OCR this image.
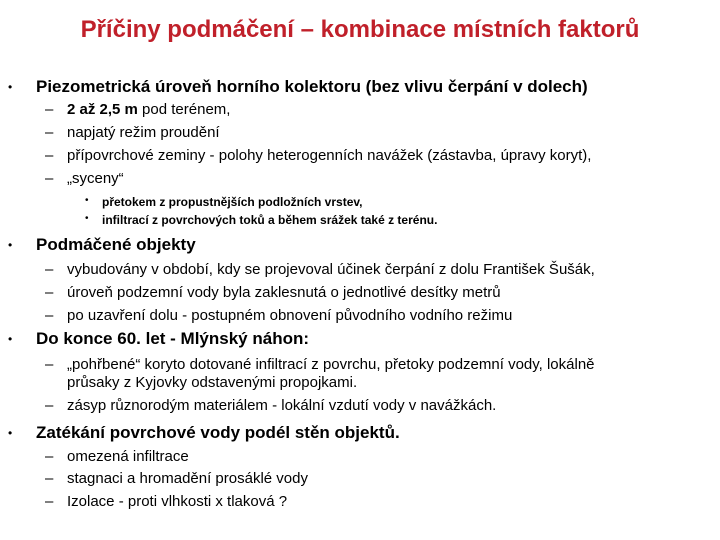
Příčiny podmáčení – kombinace místních faktorů
• Piezometrická úroveň horního kolektoru (bez vlivu čerpání v dolech)
– 2 až 2,5 m pod terénem,
– napjatý režim proudění
– přípovrchové zeminy - polohy heterogenních navážek (zástavba, úpravy koryt),
– „syceny“
• přetokem z propustnějších podložních vrstev,
• infiltrací z povrchových toků a během srážek také z terénu.
• Podmáčené objekty
– vybudovány v období, kdy se projevoval účinek čerpání z dolu František Šušák,
– úroveň podzemní vody byla zaklesnutá o jednotlivé desítky metrů
– po uzavření dolu - postupném obnovení původního vodního režimu
• Do konce 60. let - Mlýnský náhon:
– „pohřbené“ koryto dotované infiltrací z povrchu, přetoky podzemní vody, lokálně průsaky z Kyjovky odstavenými propojkami.
– zásyp různorodým materiálem - lokální vzdutí vody v navážkách.
• Zatékání povrchové vody podél stěn objektů.
– omezená infiltrace
– stagnaci a hromadění prosáklé vody
– Izolace - proti vlhkosti x tlaková ?
